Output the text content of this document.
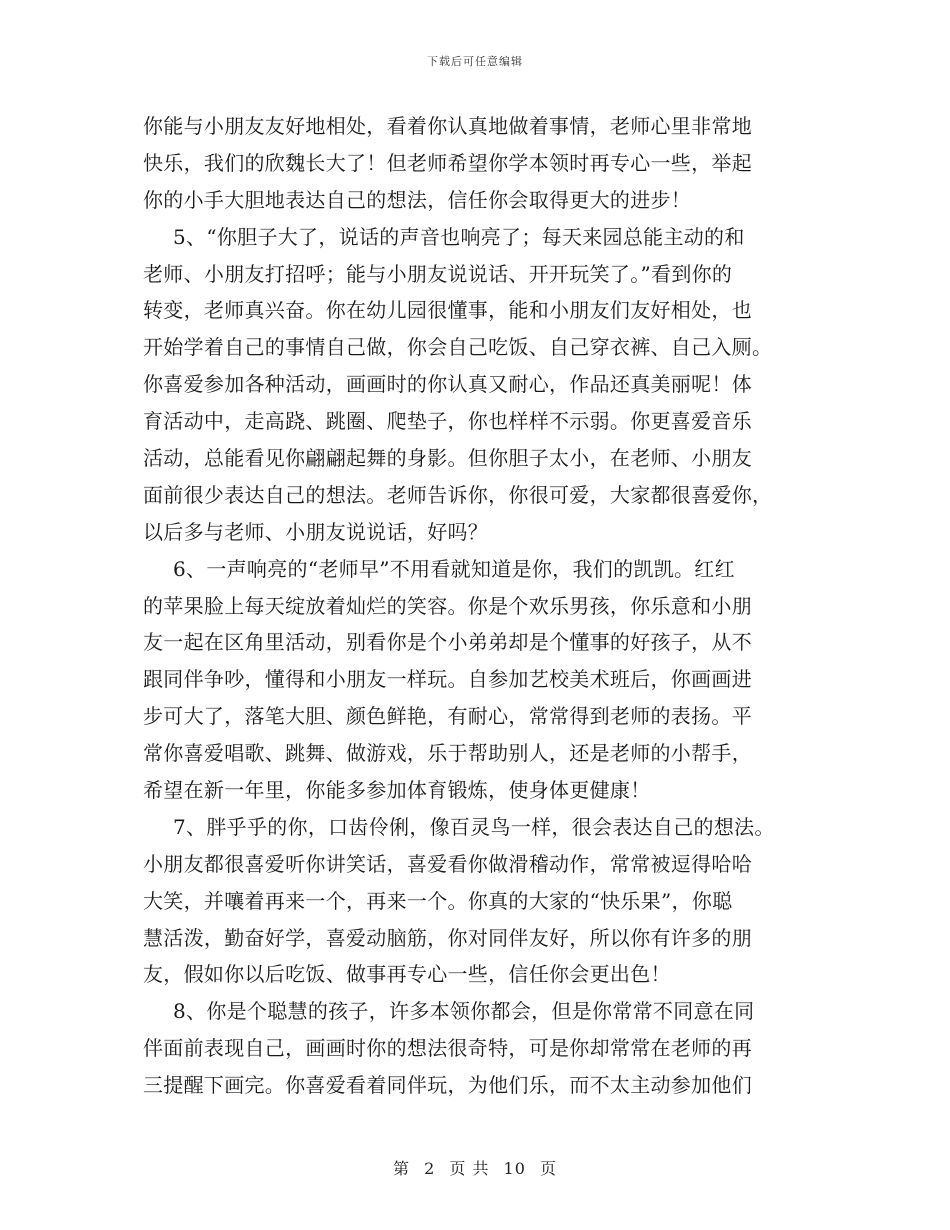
下载后可任意编辑
你能与小朋友友好地相处，看着你认真地做着事情，老师心里非常地
快乐，我们的欣魏长大了！但老师希望你学本领时再专心一些，举起
你的小手大胆地表达自己的想法，信任你会取得更大的进步！
5、“你胆子大了，说话的声音也响亮了；每天来园总能主动的和
老师、小朋友打招呼；能与小朋友说说话、开开玩笑了。”看到你的
转变，老师真兴奋。你在幼儿园很懂事，能和小朋友们友好相处，也
开始学着自己的事情自己做，你会自己吃饭、自己穿衣裤、自己入厕。
你喜爱参加各种活动，画画时的你认真又耐心，作品还真美丽呢！体
育活动中，走高跷、跳圈、爬垫子，你也样样不示弱。你更喜爱音乐
活动，总能看见你翩翩起舞的身影。但你胆子太小，在老师、小朋友
面前很少表达自己的想法。老师告诉你，你很可爱，大家都很喜爱你，
以后多与老师、小朋友说说话，好吗？
6、一声响亮的“老师早”不用看就知道是你，我们的凯凯。红红
的苹果脸上每天绽放着灿烂的笑容。你是个欢乐男孩，你乐意和小朋
友一起在区角里活动，别看你是个小弟弟却是个懂事的好孩子，从不
跟同伴争吵，懂得和小朋友一样玩。自参加艺校美术班后，你画画进
步可大了，落笔大胆、颜色鲜艳，有耐心，常常得到老师的表扬。平
常你喜爱唱歌、跳舞、做游戏，乐于帮助别人，还是老师的小帮手，
希望在新一年里，你能多参加体育锻炼，使身体更健康！
7、胖乎乎的你，口齿伶俐，像百灵鸟一样，很会表达自己的想法。
小朋友都很喜爱听你讲笑话，喜爱看你做滑稽动作，常常被逗得哈哈
大笑，并嚷着再来一个，再来一个。你真的大家的“快乐果”，你聪
慧活泼，勤奋好学，喜爱动脑筋，你对同伴友好，所以你有许多的朋
友，假如你以后吃饭、做事再专心一些，信任你会更出色！
8、你是个聪慧的孩子，许多本领你都会，但是你常常不同意在同
伴面前表现自己，画画时你的想法很奇特，可是你却常常在老师的再
三提醒下画完。你喜爱看着同伴玩，为他们乐，而不太主动参加他们
第 2 页 共 10 页
